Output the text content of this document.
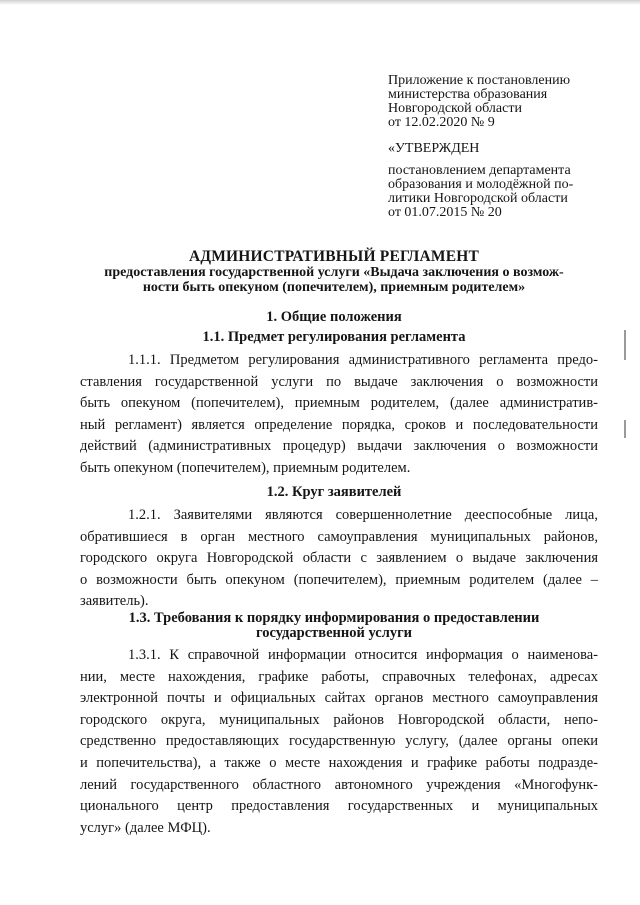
Приложение к постановлению
министерства образования
Новгородской области
от 12.02.2020 № 9
«УТВЕРЖДЕН
постановлением департамента
образования и молодёжной по-
литики Новгородской области
от 01.07.2015 № 20
АДМИНИСТРАТИВНЫЙ РЕГЛАМЕНТ
предоставления государственной услуги «Выдача заключения о возмож-
ности быть опекуном (попечителем), приемным родителем»
1. Общие положения
1.1. Предмет регулирования регламента
1.1.1. Предметом регулирования административного регламента предо-
ставления государственной услуги по выдаче заключения о возможности
быть опекуном (попечителем), приемным родителем, (далее административ-
ный регламент) является определение порядка, сроков и последовательности
действий (административных процедур) выдачи заключения о возможности
быть опекуном (попечителем), приемным родителем.
1.2. Круг заявителей
1.2.1. Заявителями являются совершеннолетние дееспособные лица,
обратившиеся в орган местного самоуправления муниципальных районов,
городского округа Новгородской области с заявлением о выдаче заключения
о возможности быть опекуном (попечителем), приемным родителем (далее –
заявитель).
1.3. Требования к порядку информирования о предоставлении
государственной услуги
1.3.1. К справочной информации относится информация о наименова-
нии, месте нахождения, графике работы, справочных телефонах, адресах
электронной почты и официальных сайтах органов местного самоуправления
городского округа, муниципальных районов Новгородской области, непо-
средственно предоставляющих государственную услугу, (далее органы опеки
и попечительства), а также о месте нахождения и графике работы подразде-
лений государственного областного автономного учреждения «Многофунк-
ционального центр предоставления государственных и муниципальных
услуг» (далее МФЦ).
